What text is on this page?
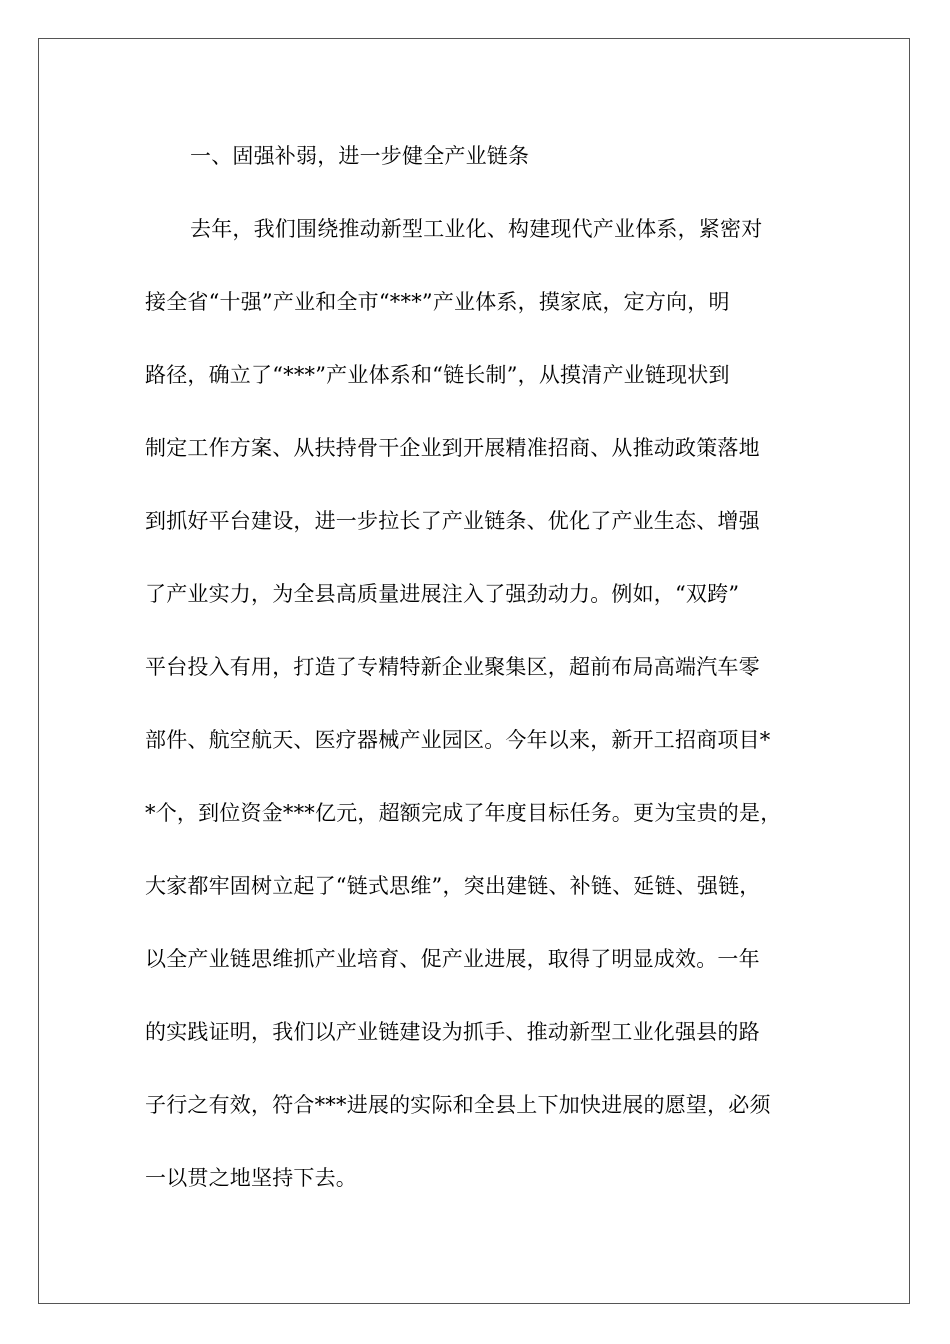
一、固强补弱，进一步健全产业链条
去年，我们围绕推动新型工业化、构建现代产业体系，紧密对
接全省“十强”产业和全市“***”产业体系，摸家底，定方向，明
路径，确立了“***”产业体系和“链长制”，从摸清产业链现状到
制定工作方案、从扶持骨干企业到开展精准招商、从推动政策落地
到抓好平台建设，进一步拉长了产业链条、优化了产业生态、增强
了产业实力，为全县高质量进展注入了强劲动力。例如，“双跨”
平台投入有用，打造了专精特新企业聚集区，超前布局高端汽车零
部件、航空航天、医疗器械产业园区。今年以来，新开工招商项目*
*个，到位资金***亿元，超额完成了年度目标任务。更为宝贵的是，
大家都牢固树立起了“链式思维”，突出建链、补链、延链、强链，
以全产业链思维抓产业培育、促产业进展，取得了明显成效。一年
的实践证明，我们以产业链建设为抓手、推动新型工业化强县的路
子行之有效，符合***进展的实际和全县上下加快进展的愿望，必须
一以贯之地坚持下去。
